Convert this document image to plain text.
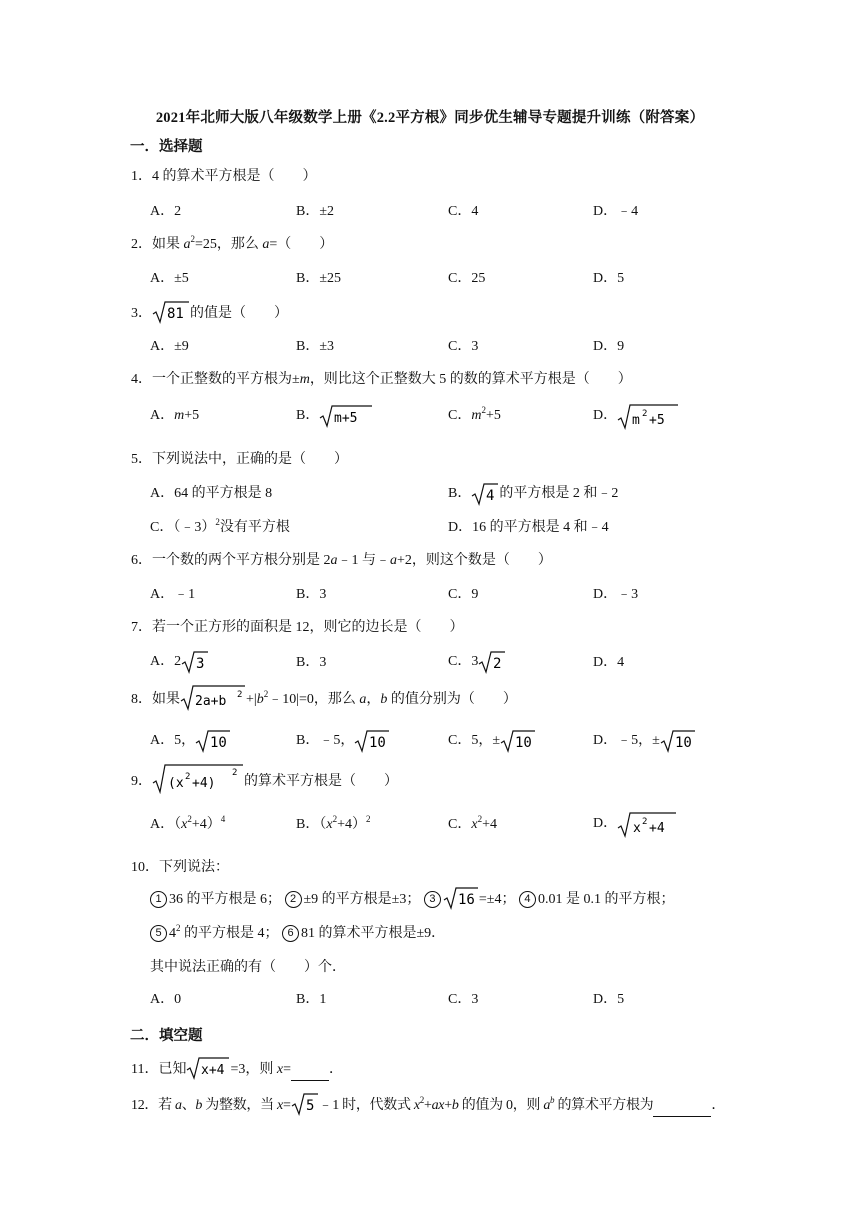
2021年北师大版八年级数学上册《2.2平方根》同步优生辅导专题提升训练（附答案）
一．选择题
1．4 的算术平方根是（　　）
A．2	B．±2	C．4	D．﹣4
2．如果 $a^2=25$，那么 a=（　　）
A．±5	B．±25	C．25	D．5
3． 81 的值是（　　）
A．±9	B．±3	C．3	D．9
4．一个正整数的平方根为±m，则比这个正整数大 5 的数的算术平方根是（　　）
A．m+5	B． m+5	C．$m^2+5$	D． m 2 +5
5．下列说法中，正确的是（　　）
A．64 的平方根是 8	B． 4 的平方根是 2 和﹣2
C．（﹣3）$^2$没有平方根	D．16 的平方根是 4 和﹣4
6．一个数的两个平方根分别是 2a﹣1 与﹣a+2，则这个数是（　　）
A．﹣1	B．3	C．9	D．﹣3
7．若一个正方形的面积是 12，则它的边长是（　　）
A．2 3	B．3	C．3 2	D．4
8．如果 2a+b $2 +|b^2﹣10|=0$，那么 a，b 的值分别为（　　）
A．5， 10	B．﹣5， 10	C．5，± 10	D．﹣5，± 10
9． (x 2 +4)
2
的算术平方根是（　　）
A．$(x^2+4)^4$	B．$(x^2+4)^2$	C．$x^2+4$	D． x 2 +4
10．下列说法：
1 36 的平方根是 6； 2 ±9 的平方根是±3； 3 16 =±4； 4 0.01 是 0.1 的平方根；
5 $4^2$ 的平方根是 4； 6 81 的算术平方根是±9．
其中说法正确的有（　　）个．
A．0	B．1	C．3	D．5
二．填空题
11．已知 x+4 =3，则 x=	．
12．若 a、b 为整数，当 x= 5 ﹣1 时，代数式 $x^2+ax+b$ 的值为 0，则 $a^b$ 的算术平方根为	．
